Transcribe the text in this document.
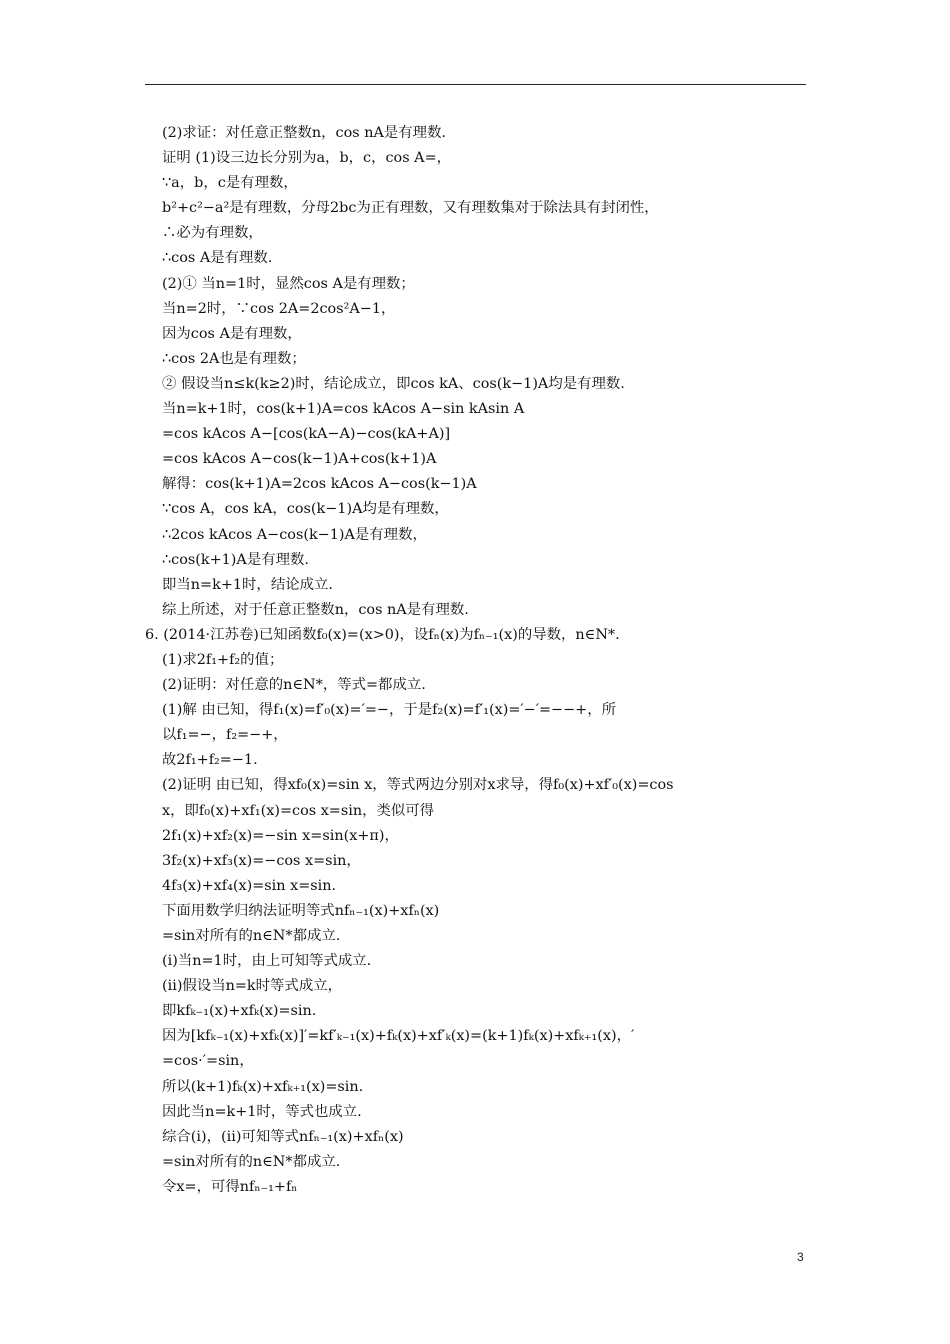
(2)求证：对任意正整数n，cos nA是有理数.
证明 (1)设三边长分别为a，b，c，cos A=，
∵a，b，c是有理数，
b²+c²−a²是有理数，分母2bc为正有理数，又有理数集对于除法具有封闭性，
∴必为有理数，
∴cos A是有理数.
(2)① 当n=1时，显然cos A是有理数；
当n=2时，∵cos 2A=2cos²A−1，
因为cos A是有理数，
∴cos 2A也是有理数；
② 假设当n≤k(k≥2)时，结论成立，即cos kA、cos(k−1)A均是有理数.
当n=k+1时，cos(k+1)A=cos kAcos A−sin kAsin A
=cos kAcos A−[cos(kA−A)−cos(kA+A)]
=cos kAcos A−cos(k−1)A+cos(k+1)A
解得：cos(k+1)A=2cos kAcos A−cos(k−1)A
∵cos A，cos kA，cos(k−1)A均是有理数，
∴2cos kAcos A−cos(k−1)A是有理数，
∴cos(k+1)A是有理数.
即当n=k+1时，结论成立.
综上所述，对于任意正整数n，cos nA是有理数.
6. (2014·江苏卷)已知函数f₀(x)=(x>0)，设fₙ(x)为fₙ₋₁(x)的导数，n∈N*.
(1)求2f₁+f₂的值；
(2)证明：对任意的n∈N*，等式=都成立.
(1)解 由已知，得f₁(x)=f′₀(x)=′=−，于是f₂(x)=f′₁(x)=′−′=−−+，所
以f₁=−，f₂=−+，
故2f₁+f₂=−1.
(2)证明 由已知，得xf₀(x)=sin x，等式两边分别对x求导，得f₀(x)+xf′₀(x)=cos
x，即f₀(x)+xf₁(x)=cos x=sin，类似可得
2f₁(x)+xf₂(x)=−sin x=sin(x+π)，
3f₂(x)+xf₃(x)=−cos x=sin，
4f₃(x)+xf₄(x)=sin x=sin.
下面用数学归纳法证明等式nfₙ₋₁(x)+xfₙ(x)
=sin对所有的n∈N*都成立.
(ⅰ)当n=1时，由上可知等式成立.
(ⅱ)假设当n=k时等式成立，
即kfₖ₋₁(x)+xfₖ(x)=sin.
因为[kfₖ₋₁(x)+xfₖ(x)]′=kf′ₖ₋₁(x)+fₖ(x)+xf′ₖ(x)=(k+1)fₖ(x)+xfₖ₊₁(x)，′
=cos·′=sin，
所以(k+1)fₖ(x)+xfₖ₊₁(x)=sin.
因此当n=k+1时，等式也成立.
综合(ⅰ)，(ⅱ)可知等式nfₙ₋₁(x)+xfₙ(x)
=sin对所有的n∈N*都成立.
令x=，可得nfₙ₋₁+fₙ
3
